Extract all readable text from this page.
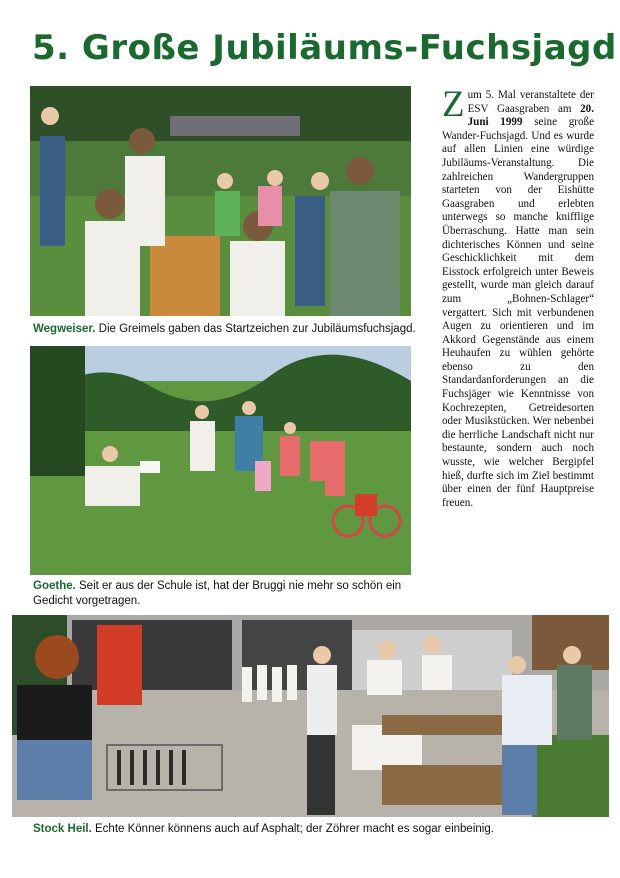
5. Große Jubiläums-Fuchsjagd
Wegweiser. Die Greimels gaben das Startzeichen zur Jubiläumsfuchsjagd.
Goethe. Seit er aus der Schule ist, hat der Bruggi nie mehr so schön ein Gedicht vorgetragen.
Stock Heil. Echte Könner könnens auch auf Asphalt; der Zöhrer macht es sogar einbeinig.
Zum 5. Mal veranstaltete der ESV Gaasgraben am 20. Juni 1999 seine große Wander-Fuchsjagd. Und es wurde auf allen Linien eine würdige Jubiläums-Veranstaltung. Die zahlreichen Wandergruppen starteten von der Eishütte Gaasgraben und erlebten unterwegs so manche knifflige Überraschung. Hatte man sein dichterisches Können und seine Geschicklichkeit mit dem Eisstock erfolgreich unter Beweis gestellt, wurde man gleich darauf zum „Bohnen-Schlager“ vergattert. Sich mit verbundenen Augen zu orientieren und im Akkord Gegenstände aus einem Heuhaufen zu wühlen gehörte ebenso zu den Standardanforderungen an die Fuchsjäger wie Kenntnisse von Kochrezepten, Getreidesorten oder Musikstücken. Wer nebenbei die herrliche Landschaft nicht nur bestaunte, sondern auch noch wusste, wie welcher Bergipfel hieß, durfte sich im Ziel bestimmt über einen der fünf Hauptpreise freuen.
